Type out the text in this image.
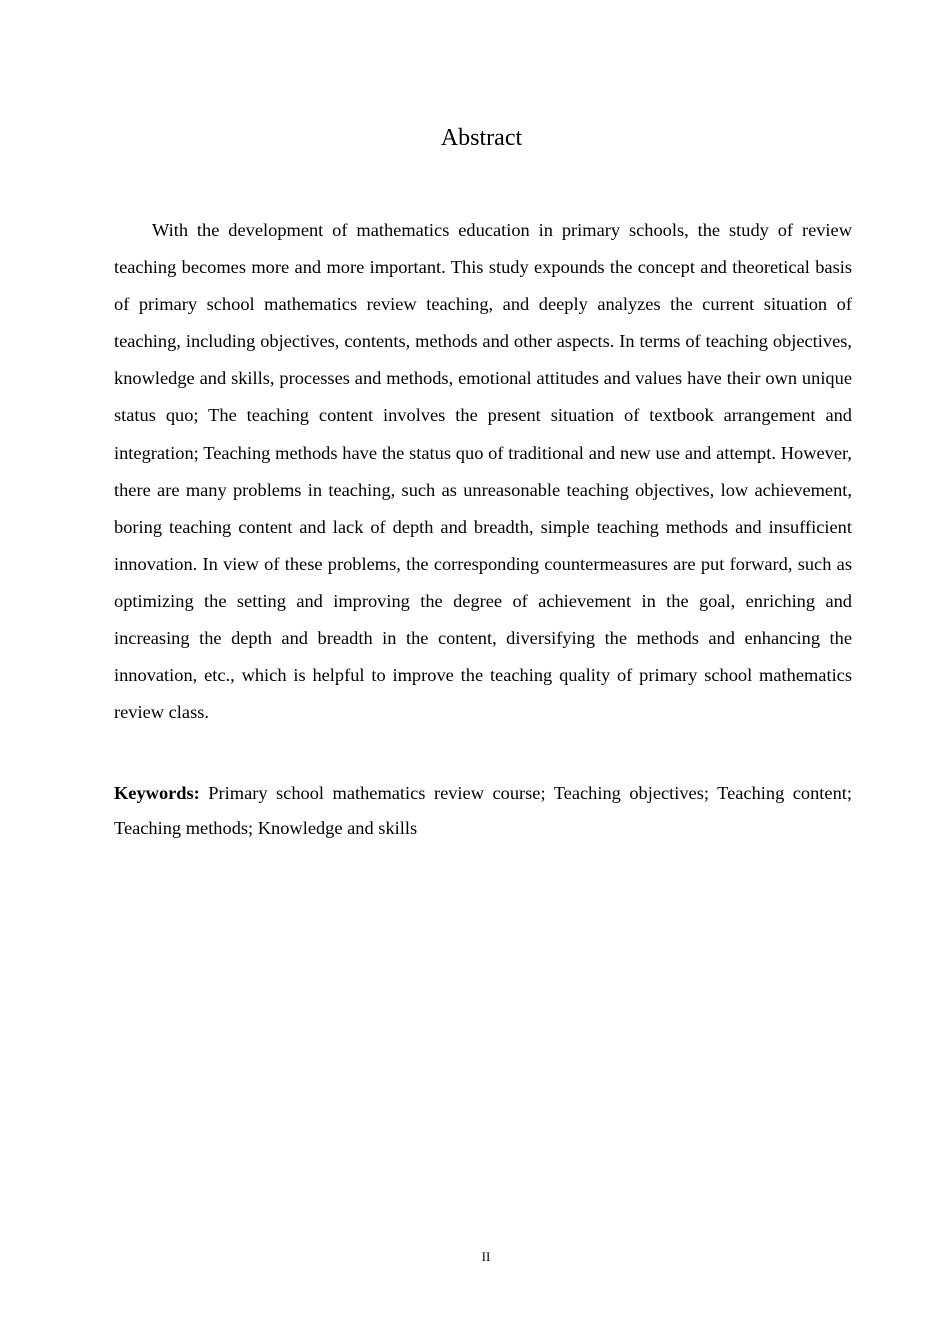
Abstract

With the development of mathematics education in primary schools, the study of review teaching becomes more and more important. This study expounds the concept and theoretical basis of primary school mathematics review teaching, and deeply analyzes the current situation of teaching, including objectives, contents, methods and other aspects. In terms of teaching objectives, knowledge and skills, processes and methods, emotional attitudes and values have their own unique status quo; The teaching content involves the present situation of textbook arrangement and integration; Teaching methods have the status quo of traditional and new use and attempt. However, there are many problems in teaching, such as unreasonable teaching objectives, low achievement, boring teaching content and lack of depth and breadth, simple teaching methods and insufficient innovation. In view of these problems, the corresponding countermeasures are put forward, such as optimizing the setting and improving the degree of achievement in the goal, enriching and increasing the depth and breadth in the content, diversifying the methods and enhancing the innovation, etc., which is helpful to improve the teaching quality of primary school mathematics review class.

Keywords: Primary school mathematics review course; Teaching objectives; Teaching content; Teaching methods; Knowledge and skills

II
